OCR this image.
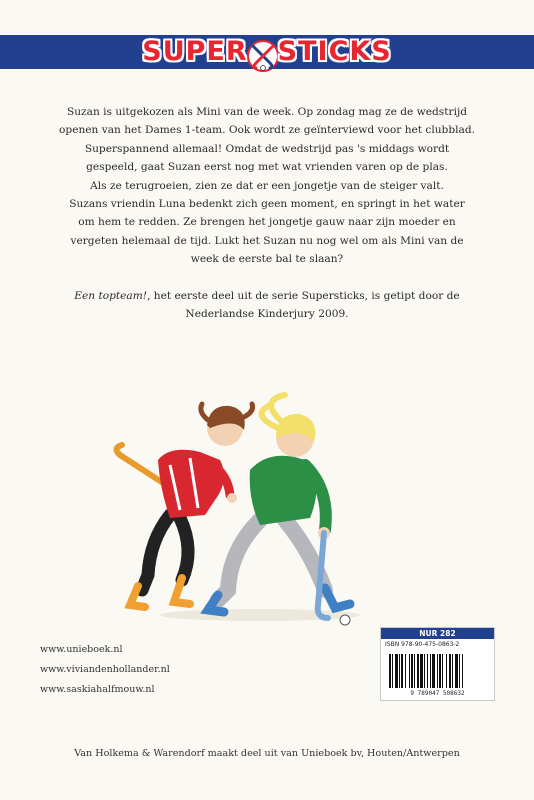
SUPER STICKS

Suzan is uitgekozen als Mini van de week. Op zondag mag ze de wedstrijd
openen van het Dames 1-team. Ook wordt ze geïnterviewd voor het clubblad.
Superspannend allemaal! Omdat de wedstrijd pas 's middags wordt
gespeeld, gaat Suzan eerst nog met wat vrienden varen op de plas.
Als ze terugroeien, zien ze dat er een jongetje van de steiger valt.
Suzans vriendin Luna bedenkt zich geen moment, en springt in het water
om hem te redden. Ze brengen het jongetje gauw naar zijn moeder en
vergeten helemaal de tijd. Lukt het Suzan nu nog wel om als Mini van de
week de eerste bal te slaan?

Een topteam!, het eerste deel uit de serie Supersticks, is getipt door de
Nederlandse Kinderjury 2009.

www.unieboek.nl
www.viviandenhollander.nl
www.saskiahalfmouw.nl
NUR 282
ISBN 978-90-475-0863-2
9 789047 508632
Van Holkema & Warendorf maakt deel uit van Unieboek bv, Houten/Antwerpen
